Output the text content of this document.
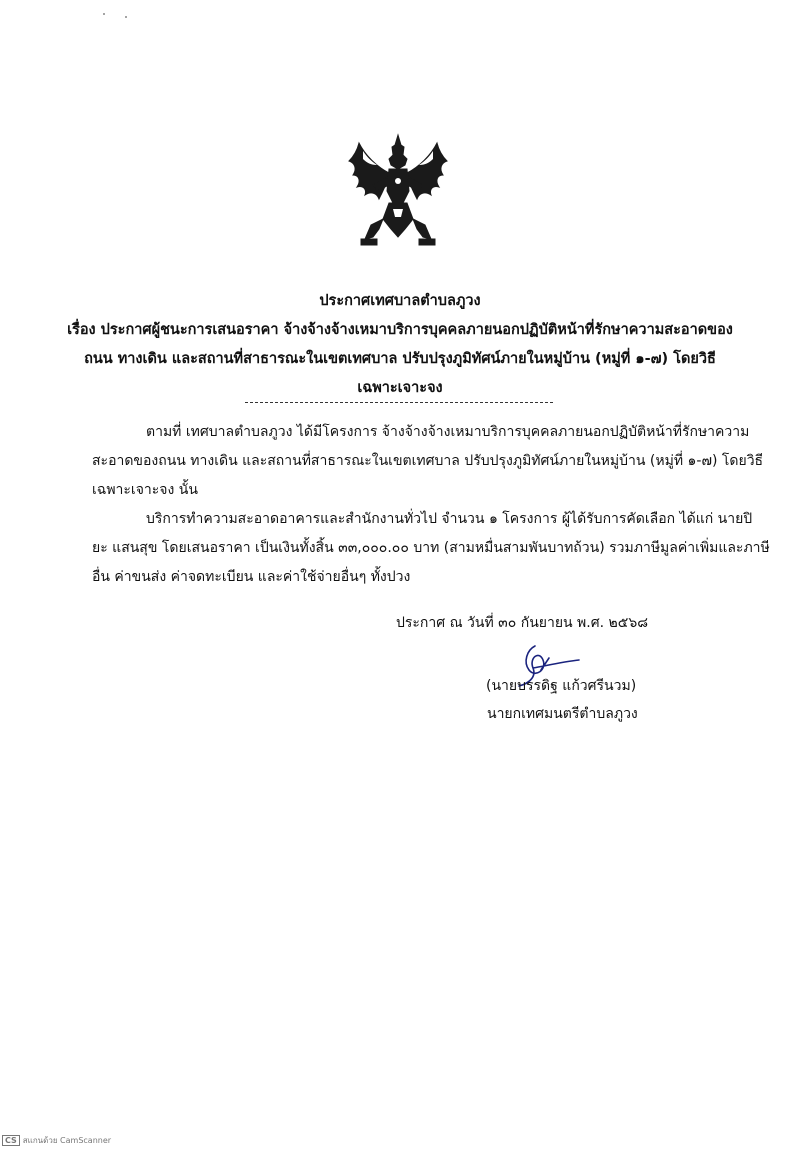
ประกาศเทศบาลตำบลภูวง
เรื่อง ประกาศผู้ชนะการเสนอราคา จ้างจ้างจ้างเหมาบริการบุคคลภายนอกปฏิบัติหน้าที่รักษาความสะอาดของ
ถนน ทางเดิน และสถานที่สาธารณะในเขตเทศบาล ปรับปรุงภูมิทัศน์ภายในหมู่บ้าน (หมู่ที่ ๑-๗) โดยวิธี
เฉพาะเจาะจง
ตามที่ เทศบาลตำบลภูวง ได้มีโครงการ จ้างจ้างจ้างเหมาบริการบุคคลภายนอกปฏิบัติหน้าที่รักษาความ
สะอาดของถนน ทางเดิน และสถานที่สาธารณะในเขตเทศบาล ปรับปรุงภูมิทัศน์ภายในหมู่บ้าน (หมู่ที่ ๑-๗) โดยวิธี
เฉพาะเจาะจง นั้น
บริการทำความสะอาดอาคารและสำนักงานทั่วไป จำนวน ๑ โครงการ ผู้ได้รับการคัดเลือก ได้แก่ นายปิ
ยะ แสนสุข โดยเสนอราคา เป็นเงินทั้งสิ้น ๓๓,๐๐๐.๐๐ บาท (สามหมื่นสามพันบาทถ้วน) รวมภาษีมูลค่าเพิ่มและภาษี
อื่น ค่าขนส่ง ค่าจดทะเบียน และค่าใช้จ่ายอื่นๆ ทั้งปวง
ประกาศ ณ วันที่ ๓๐ กันยายน พ.ศ. ๒๕๖๘
(นายบรรดิฐ แก้วศรีนวม)
นายกเทศมนตรีตำบลภูวง
CS สแกนด้วย CamScanner
